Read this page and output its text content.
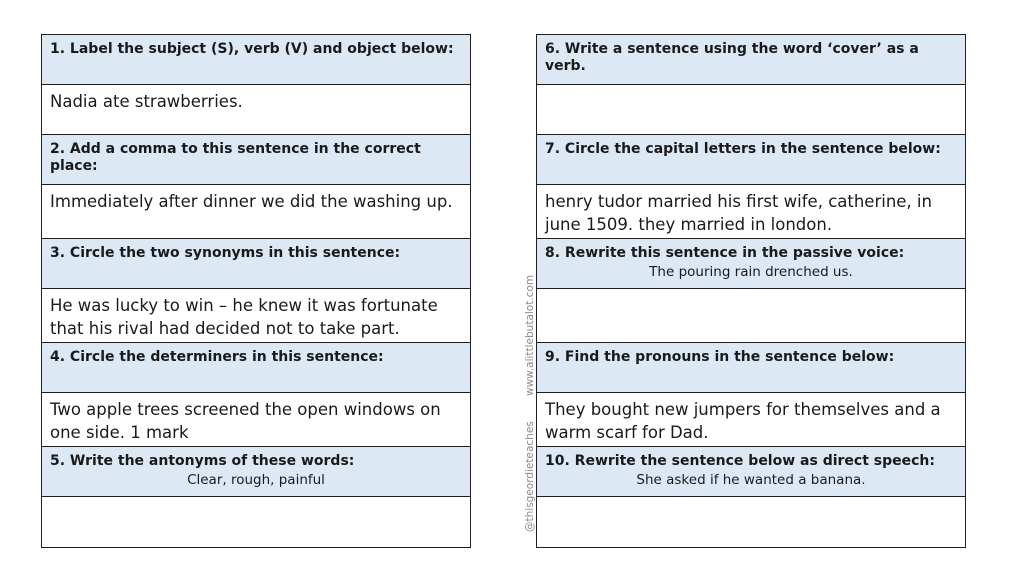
1. Label the subject (S), verb (V) and object below:
Nadia ate strawberries.
2. Add a comma to this sentence in the correct place:
Immediately after dinner we did the washing up.
3. Circle the two synonyms in this sentence:
He was lucky to win – he knew it was fortunate that his rival had decided not to take part.
4. Circle the determiners in this sentence:
Two apple trees screened the open windows on one side. 1 mark
5. Write the antonyms of these words:
Clear, rough, painful
6. Write a sentence using the word ‘cover’ as a verb.
7. Circle the capital letters in the sentence below:
henry tudor married his first wife, catherine, in june 1509. they married in london.
8. Rewrite this sentence in the passive voice:
The pouring rain drenched us.
9. Find the pronouns in the sentence below:
They bought new jumpers for themselves and a warm scarf for Dad.
10. Rewrite the sentence below as direct speech:
She asked if he wanted a banana.
www.alittlebutalot.com
@thisgeordieteaches
